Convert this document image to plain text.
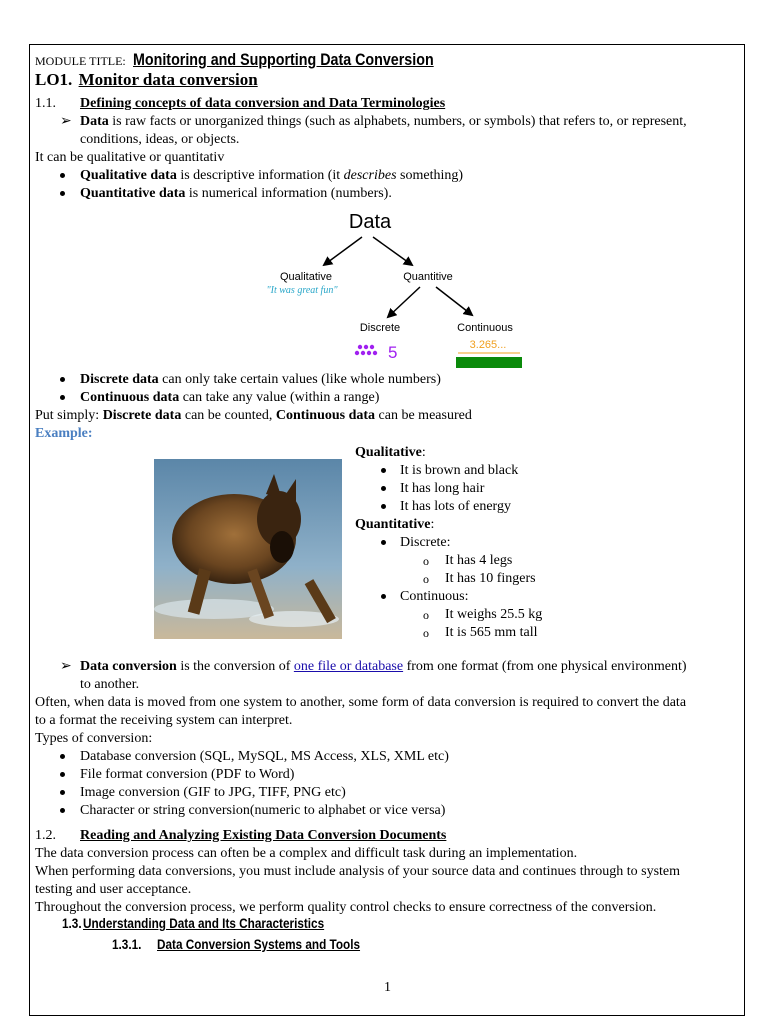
MODULE TITLE: Monitoring and Supporting Data Conversion
LO1. Monitor data conversion
1.1. Defining concepts of data conversion and Data Terminologies
➢ Data is raw facts or unorganized things (such as alphabets, numbers, or symbols) that refers to, or represent,
conditions, ideas, or objects.
It can be qualitative or quantitativ
Qualitative data is descriptive information (it describes something)
Quantitative data is numerical information (numbers).
Data
Qualitative
"It was great fun"
Quantitive
Discrete	Continuous
5	3.265...
Discrete data can only take certain values (like whole numbers)
Continuous data can take any value (within a range)
Put simply: Discrete data can be counted, Continuous data can be measured
Example:
Qualitative:
It is brown and black
It has long hair
It has lots of energy
Quantitative:
Discrete:
o It has 4 legs
o It has 10 fingers
Continuous:
o It weighs 25.5 kg
o It is 565 mm tall
➢ Data conversion is the conversion of one file or database from one format (from one physical environment)
to another.
Often, when data is moved from one system to another, some form of data conversion is required to convert the data
to a format the receiving system can interpret.
Types of conversion:
Database conversion (SQL, MySQL, MS Access, XLS, XML etc)
File format conversion (PDF to Word)
Image conversion (GIF to JPG, TIFF, PNG etc)
Character or string conversion(numeric to alphabet or vice versa)
1.2. Reading and Analyzing Existing Data Conversion Documents
The data conversion process can often be a complex and difficult task during an implementation.
When performing data conversions, you must include analysis of your source data and continues through to system
testing and user acceptance.
Throughout the conversion process, we perform quality control checks to ensure correctness of the conversion.
1.3. Understanding Data and Its Characteristics
1.3.1. Data Conversion Systems and Tools
1
